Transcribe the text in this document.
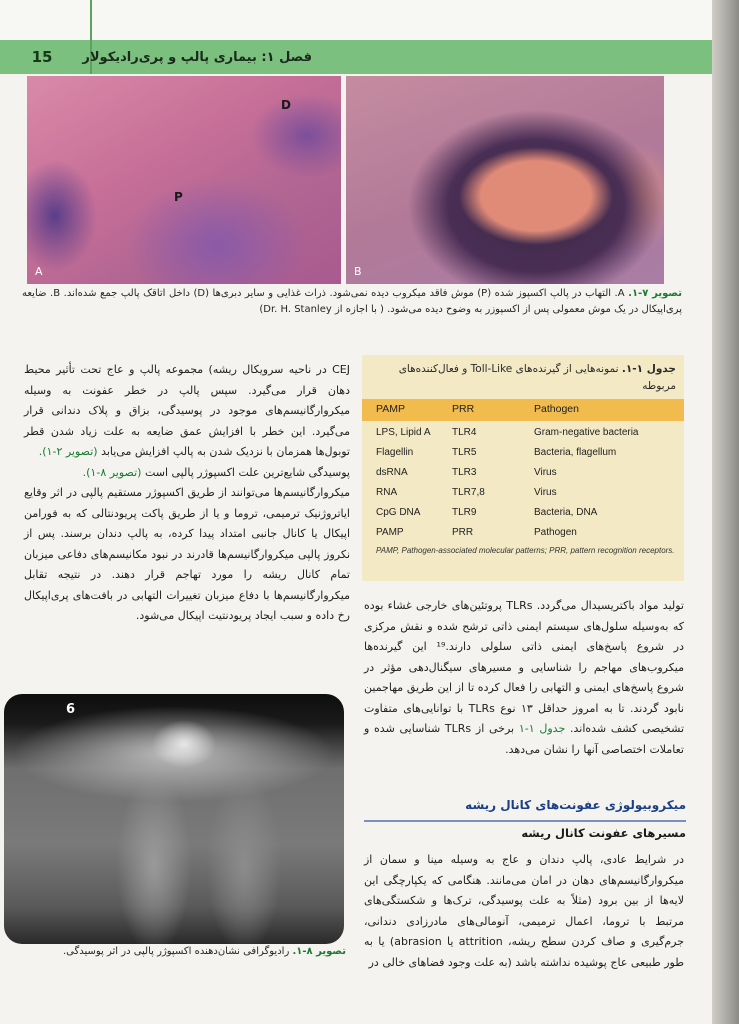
15	فصل ۱: بیماری پالپ و پری‌رادیکولار
P
D
A	B
تصویر ۷-۱. A. التهاب در پالپ اکسپوز شده (P) موش فاقد میکروب دیده نمی‌شود. ذرات غذایی و سایر دبری‌ها (D) داخل اتاقک پالپ جمع شده‌اند. B. ضایعه پری‌اپیکال در یک موش معمولی پس از اکسپوزر به وضوح دیده می‌شود. ( با اجازه از Dr. H. Stanley)
جدول ۱-۱. نمونه‌هایی از گیرنده‌های Toll-Like و فعال‌کننده‌های مربوطه
PAMP	PRR	Pathogen
LPS, Lipid A TLR4	Gram-negative bacteria
Flagellin	TLR5	Bacteria, flagellum
dsRNA	TLR3	Virus
RNA	TLR7,8	Virus
CpG DNA	TLR9	Bacteria, DNA
PAMP	PRR	Pathogen
PAMP, Pathogen-associated molecular patterns; PRR, pattern recognition receptors.

CEJ در ناحیه سرویکال ریشه) مجموعه پالپ و عاج تحت تأثیر محیط دهان قرار می‌گیرد. سپس پالپ در خطر عفونت به وسیله میکروارگانیسم‌های موجود در پوسیدگی، بزاق و پلاک دندانی قرار می‌گیرد. این خطر با افزایش عمق ضایعه به علت زیاد شدن قطر توبول‌ها همزمان با نزدیک شدن به پالپ افزایش می‌یابد (تصویر ۲-۱).

پوسیدگی شایع‌ترین علت اکسپوژر پالپی است (تصویر ۸-۱).

میکروارگانیسم‌ها می‌توانند از طریق اکسپوژر مستقیم پالپی در اثر وقایع ایاتروژنیک ترمیمی، تروما و یا از طریق پاکت پریودنتالی که به فورامن اپیکال یا کانال جانبی امتداد پیدا کرده، به پالپ دندان برسند. پس از نکروز پالپی میکروارگانیسم‌ها قادرند در نبود مکانیسم‌های دفاعی میزبان تمام کانال ریشه را مورد تهاجم قرار دهند. در نتیجه تقابل میکروارگانیسم‌ها با دفاع میزبان تغییرات التهابی در بافت‌های پری‌اپیکال رخ داده و سبب ایجاد پریودنتیت اپیکال می‌شود.

6
تصویر ۸-۱. رادیوگرافی نشان‌دهنده اکسپوژر پالپی در اثر پوسیدگی.

تولید مواد باکتریسیدال می‌گردد. TLRs پروتئین‌های خارجی غشاء بوده که به‌وسیله سلول‌های سیستم ایمنی ذاتی ترشح شده و نقش مرکزی در شروع پاسخ‌های ایمنی ذاتی سلولی دارند.¹⁹ این گیرنده‌ها میکروب‌های مهاجم را شناسایی و مسیرهای سیگنال‌دهی مؤثر در شروع پاسخ‌های ایمنی و التهابی را فعال کرده تا از این طریق مهاجمین نابود گردند. تا به امروز حداقل ۱۳ نوع TLRs با توانایی‌های متفاوت تشخیصی کشف شده‌اند. جدول ۱-۱ برخی از TLRs شناسایی شده و تعاملات اختصاصی آنها را نشان می‌دهد.

میکروبیولوژی عفونت‌های کانال ریشه
مسیرهای عفونت کانال ریشه

در شرایط عادی، پالپ دندان و عاج به وسیله مینا و سمان از میکروارگانیسم‌های دهان در امان می‌مانند. هنگامی که یکپارچگی این لایه‌ها از بین برود (مثلاً به علت پوسیدگی، ترک‌ها و شکستگی‌های مرتبط با تروما، اعمال ترمیمی، آنومالی‌های مادرزادی دندانی، جرم‌گیری و صاف کردن سطح ریشه، attrition یا abrasion) یا به طور طبیعی عاج پوشیده نداشته باشد (به علت وجود فضاهای خالی در
